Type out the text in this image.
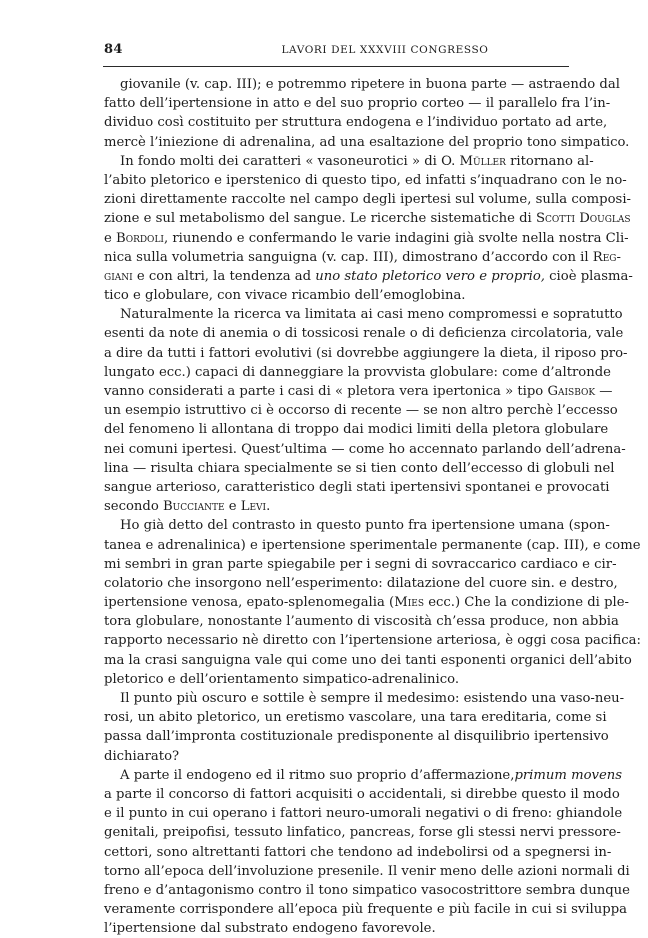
84	LAVORI DEL XXXVIII CONGRESSO
giovanile (v. cap. III); e potremmo ripetere in buona parte — astraendo dal
fatto dell’ipertensione in atto e del suo proprio corteo — il parallelo fra l’in-
dividuo così costituito per struttura endogena e l’individuo portato ad arte,
mercè l’iniezione di adrenalina, ad una esaltazione del proprio tono simpatico.
In fondo molti dei caratteri « vasoneurotici » di O. Müller ritornano al-
l’abito pletorico e iperstenico di questo tipo, ed infatti s’inquadrano con le no-
zioni direttamente raccolte nel campo degli ipertesi sul volume, sulla composi-
zione e sul metabolismo del sangue. Le ricerche sistematiche di Scotti Douglas
e Bordoli, riunendo e confermando le varie indagini già svolte nella nostra Cli-
nica sulla volumetria sanguigna (v. cap. III), dimostrano d’accordo con il Reg-
giani e con altri, la tendenza ad uno stato pletorico vero e proprio, cioè plasma-
tico e globulare, con vivace ricambio dell’emoglobina.
Naturalmente la ricerca va limitata ai casi meno compromessi e sopratutto
esenti da note di anemia o di tossicosi renale o di deficienza circolatoria, vale
a dire da tutti i fattori evolutivi (si dovrebbe aggiungere la dieta, il riposo pro-
lungato ecc.) capaci di danneggiare la provvista globulare: come d’altronde
vanno considerati a parte i casi di « pletora vera ipertonica » tipo Gaisbok —
un esempio istruttivo ci è occorso di recente — se non altro perchè l’eccesso
del fenomeno li allontana di troppo dai modici limiti della pletora globulare
nei comuni ipertesi. Quest’ultima — come ho accennato parlando dell’adrena-
lina — risulta chiara specialmente se si tien conto dell’eccesso di globuli nel
sangue arterioso, caratteristico degli stati ipertensivi spontanei e provocati
secondo Bucciante e Levi.
Ho già detto del contrasto in questo punto fra ipertensione umana (spon-
tanea e adrenalinica) e ipertensione sperimentale permanente (cap. III), e come
mi sembri in gran parte spiegabile per i segni di sovraccarico cardiaco e cir-
colatorio che insorgono nell’esperimento: dilatazione del cuore sin. e destro,
ipertensione venosa, epato-splenomegalia (Mies ecc.) Che la condizione di ple-
tora globulare, nonostante l’aumento di viscosità ch’essa produce, non abbia
rapporto necessario nè diretto con l’ipertensione arteriosa, è oggi cosa pacifica:
ma la crasi sanguigna vale qui come uno dei tanti esponenti organici dell’abito
pletorico e dell’orientamento simpatico-adrenalinico.
Il punto più oscuro e sottile è sempre il medesimo: esistendo una vaso-neu-
rosi, un abito pletorico, un eretismo vascolare, una tara ereditaria, come si
passa dall’impronta costituzionale predisponente al disquilibrio ipertensivo
dichiarato?
A parte il endogeno ed il ritmo suo proprio d’affermazione,primum movens
a parte il concorso di fattori acquisiti o accidentali, si direbbe questo il modo
e il punto in cui operano i fattori neuro-umorali negativi o di freno: ghiandole
genitali, preipofisi, tessuto linfatico, pancreas, forse gli stessi nervi pressore-
cettori, sono altrettanti fattori che tendono ad indebolirsi od a spegnersi in-
torno all’epoca dell’involuzione presenile. Il venir meno delle azioni normali di
freno e d’antagonismo contro il tono simpatico vasocostrittore sembra dunque
veramente corrispondere all’epoca più frequente e più facile in cui si sviluppa
l’ipertensione dal substrato endogeno favorevole.
